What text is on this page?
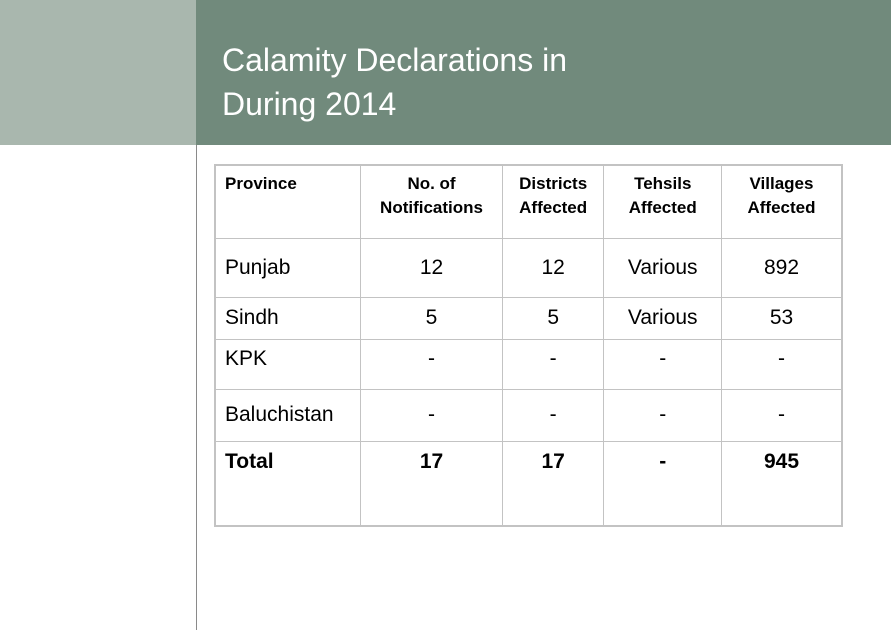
Calamity Declarations in
During 2014
Province	No. of Notifications	Districts Affected	Tehsils Affected	Villages Affected
Punjab	12	12	Various	892
Sindh	5	5	Various	53
KPK	-	-	-	-
Baluchistan	-	-	-	-
Total	17	17	-	945
